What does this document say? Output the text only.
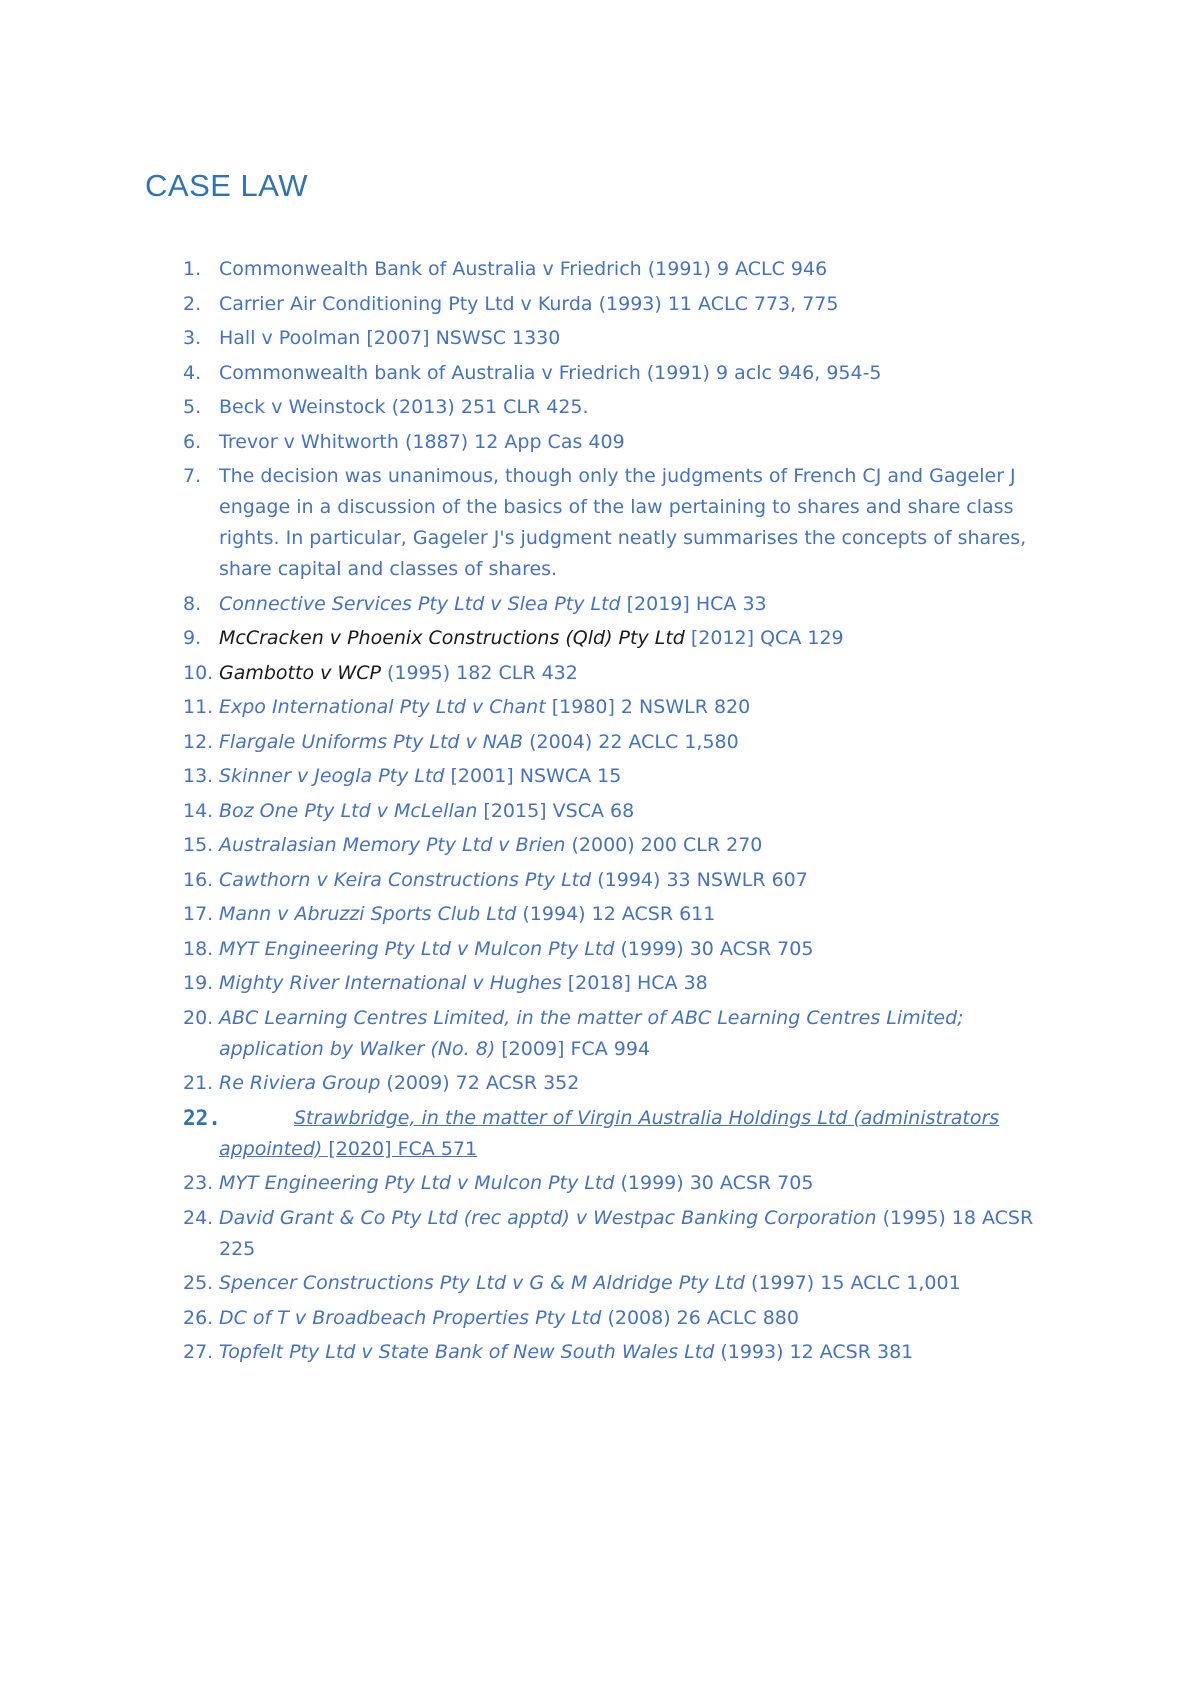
CASE LAW
1. Commonwealth Bank of Australia v Friedrich (1991) 9 ACLC 946
2. Carrier Air Conditioning Pty Ltd v Kurda (1993) 11 ACLC 773, 775
3. Hall v Poolman [2007] NSWSC 1330
4. Commonwealth bank of Australia v Friedrich (1991) 9 aclc 946, 954-5
5. Beck v Weinstock (2013) 251 CLR 425.
6. Trevor v Whitworth (1887) 12 App Cas 409
7. The decision was unanimous, though only the judgments of French CJ and Gageler J engage in a discussion of the basics of the law pertaining to shares and share class rights. In particular, Gageler J's judgment neatly summarises the concepts of shares, share capital and classes of shares.
8. Connective Services Pty Ltd v Slea Pty Ltd [2019] HCA 33
9. McCracken v Phoenix Constructions (Qld) Pty Ltd [2012] QCA 129
10. Gambotto v WCP (1995) 182 CLR 432
11. Expo International Pty Ltd v Chant [1980] 2 NSWLR 820
12. Flargale Uniforms Pty Ltd v NAB (2004) 22 ACLC 1,580
13. Skinner v Jeogla Pty Ltd [2001] NSWCA 15
14. Boz One Pty Ltd v McLellan [2015] VSCA 68
15. Australasian Memory Pty Ltd v Brien (2000) 200 CLR 270
16. Cawthorn v Keira Constructions Pty Ltd (1994) 33 NSWLR 607
17. Mann v Abruzzi Sports Club Ltd (1994) 12 ACSR 611
18. MYT Engineering Pty Ltd v Mulcon Pty Ltd (1999) 30 ACSR 705
19. Mighty River International v Hughes [2018] HCA 38
20. ABC Learning Centres Limited, in the matter of ABC Learning Centres Limited; application by Walker (No. 8) [2009] FCA 994
21. Re Riviera Group (2009) 72 ACSR 352
22.	Strawbridge, in the matter of Virgin Australia Holdings Ltd (administrators appointed) [2020] FCA 571
23. MYT Engineering Pty Ltd v Mulcon Pty Ltd (1999) 30 ACSR 705
24. David Grant & Co Pty Ltd (rec apptd) v Westpac Banking Corporation (1995) 18 ACSR 225
25. Spencer Constructions Pty Ltd v G & M Aldridge Pty Ltd (1997) 15 ACLC 1,001
26. DC of T v Broadbeach Properties Pty Ltd (2008) 26 ACLC 880
27. Topfelt Pty Ltd v State Bank of New South Wales Ltd (1993) 12 ACSR 381
